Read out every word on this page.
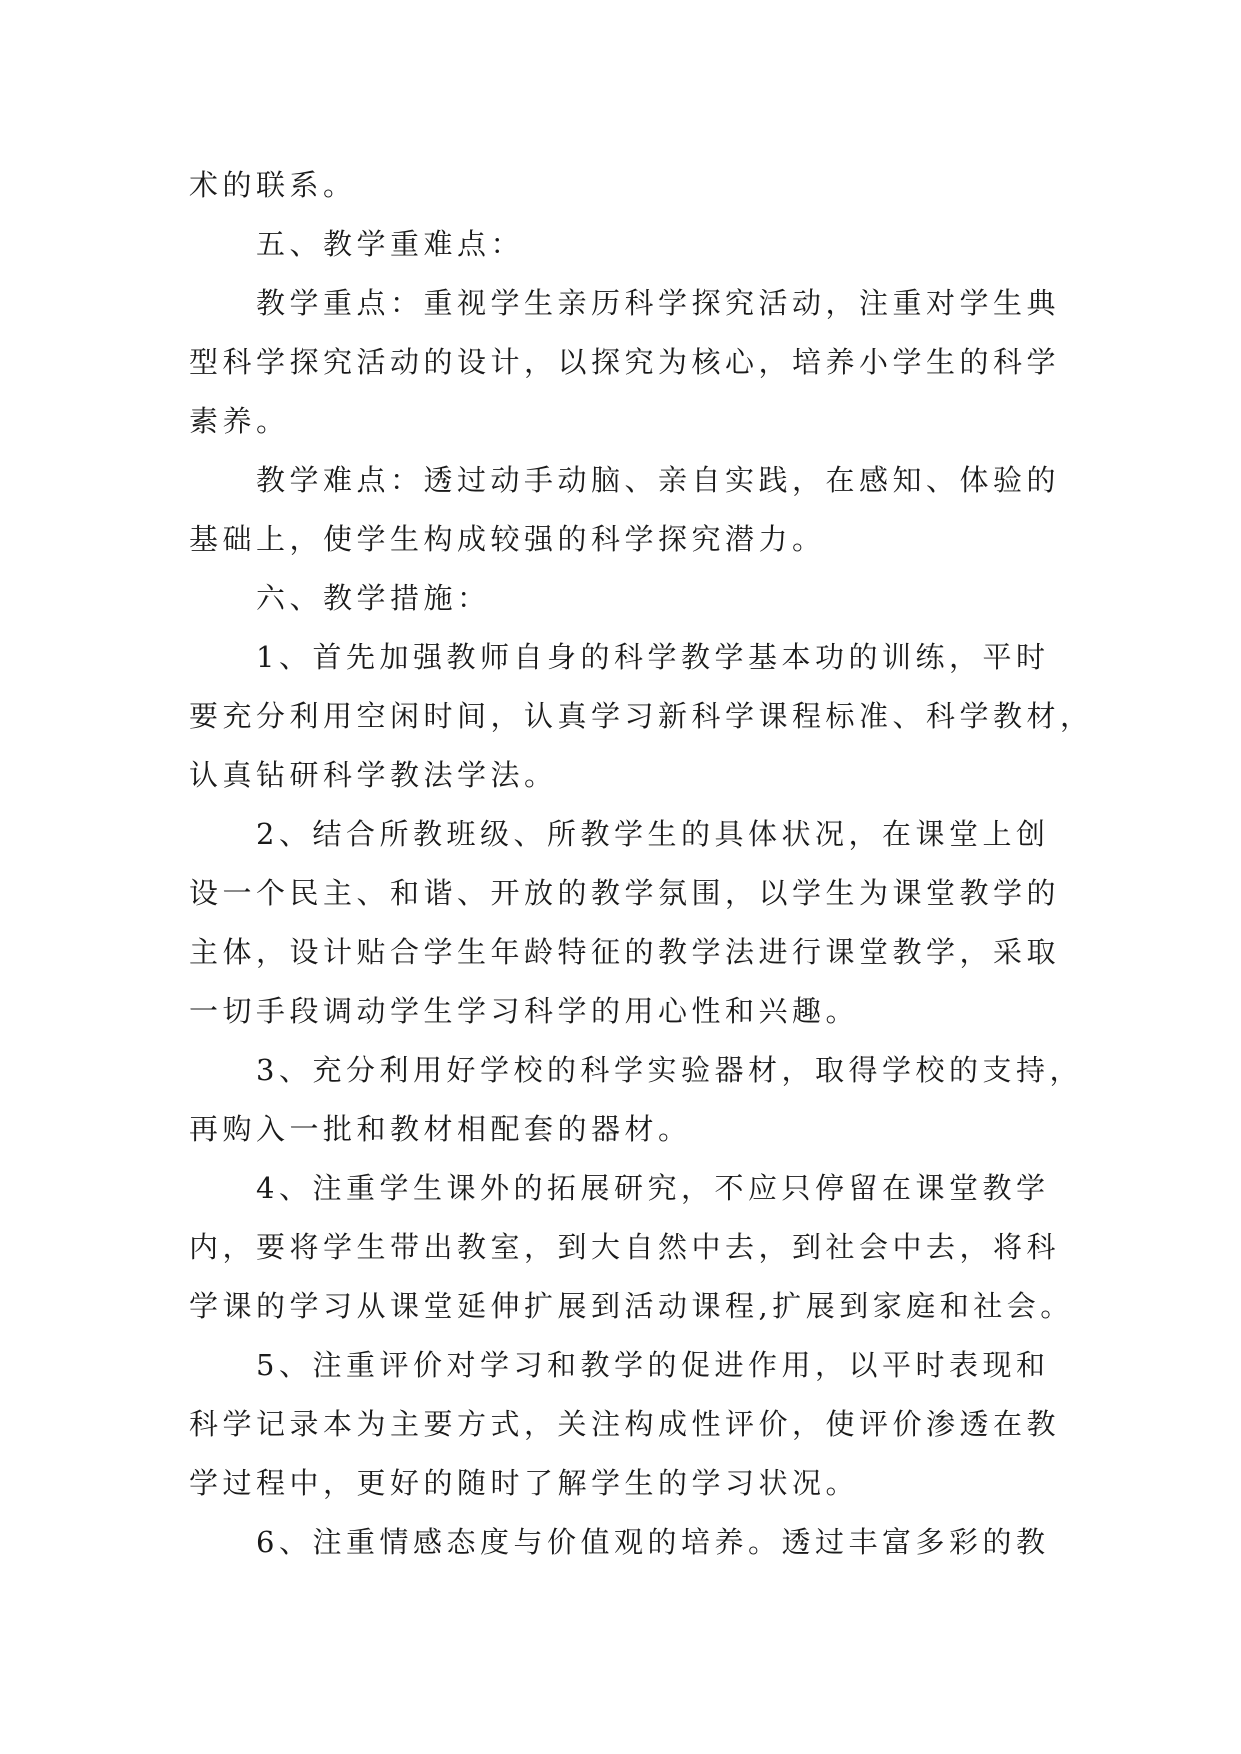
术的联系。

　　五、教学重难点：

　　教学重点：重视学生亲历科学探究活动，注重对学生典

型科学探究活动的设计，以探究为核心，培养小学生的科学

素养。

　　教学难点：透过动手动脑、亲自实践，在感知、体验的

基础上，使学生构成较强的科学探究潜力。

　　六、教学措施：

　　1、首先加强教师自身的科学教学基本功的训练，平时

要充分利用空闲时间，认真学习新科学课程标准、科学教材，

认真钻研科学教法学法。

　　2、结合所教班级、所教学生的具体状况，在课堂上创

设一个民主、和谐、开放的教学氛围，以学生为课堂教学的

主体，设计贴合学生年龄特征的教学法进行课堂教学，采取

一切手段调动学生学习科学的用心性和兴趣。

　　3、充分利用好学校的科学实验器材，取得学校的支持，

再购入一批和教材相配套的器材。

　　4、注重学生课外的拓展研究，不应只停留在课堂教学

内，要将学生带出教室，到大自然中去，到社会中去，将科

学课的学习从课堂延伸扩展到活动课程,扩展到家庭和社会。

　　5、注重评价对学习和教学的促进作用，以平时表现和

科学记录本为主要方式，关注构成性评价，使评价渗透在教

学过程中，更好的随时了解学生的学习状况。

　　6、注重情感态度与价值观的培养。透过丰富多彩的教
